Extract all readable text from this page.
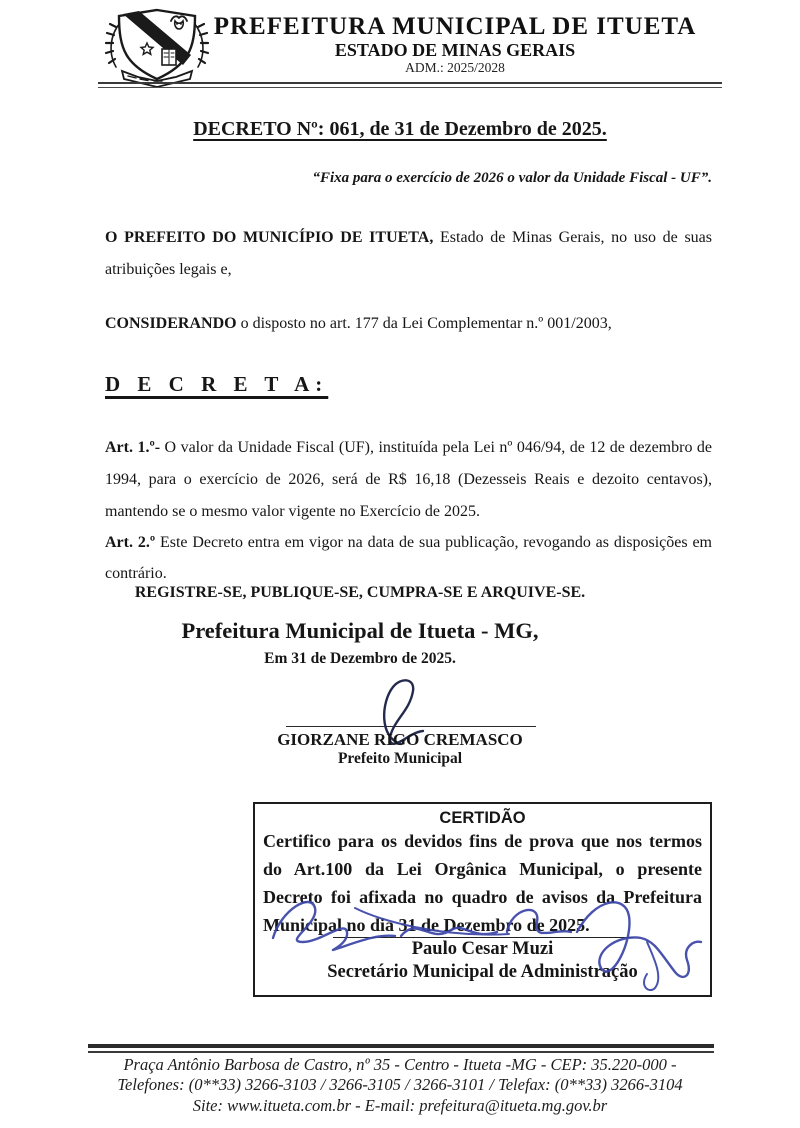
PREFEITURA MUNICIPAL DE ITUETA
ESTADO DE MINAS GERAIS
ADM.: 2025/2028
DECRETO Nº: 061, de 31 de Dezembro de 2025.
“Fixa para o exercício de 2026 o valor da Unidade Fiscal - UF”.
O PREFEITO DO MUNICÍPIO DE ITUETA, Estado de Minas Gerais, no uso de suas atribuições legais e,
CONSIDERANDO o disposto no art. 177 da Lei Complementar n.º 001/2003,
D E C R E T A:
Art. 1.º- O valor da Unidade Fiscal (UF), instituída pela Lei nº 046/94, de 12 de dezembro de 1994, para o exercício de 2026, será de R$ 16,18 (Dezesseis Reais e dezoito centavos), mantendo se o mesmo valor vigente no Exercício de 2025.
Art. 2.º Este Decreto entra em vigor na data de sua publicação, revogando as disposições em contrário.
REGISTRE-SE, PUBLIQUE-SE, CUMPRA-SE E ARQUIVE-SE.
Prefeitura Municipal de Itueta - MG,
Em 31 de Dezembro de 2025.
GIORZANE RIGO CREMASCO
Prefeito Municipal
CERTIDÃO
Certifico para os devidos fins de prova que nos termos do Art.100 da Lei Orgânica Municipal, o presente Decreto foi afixada no quadro de avisos da Prefeitura Municipal no dia 31 de Dezembro de 2025.
Paulo Cesar Muzi
Secretário Municipal de Administração
Praça Antônio Barbosa de Castro, nº 35 - Centro - Itueta -MG - CEP: 35.220-000 -
Telefones: (0**33) 3266-3103 / 3266-3105 / 3266-3101 / Telefax: (0**33) 3266-3104
Site: www.itueta.com.br - E-mail: prefeitura@itueta.mg.gov.br
